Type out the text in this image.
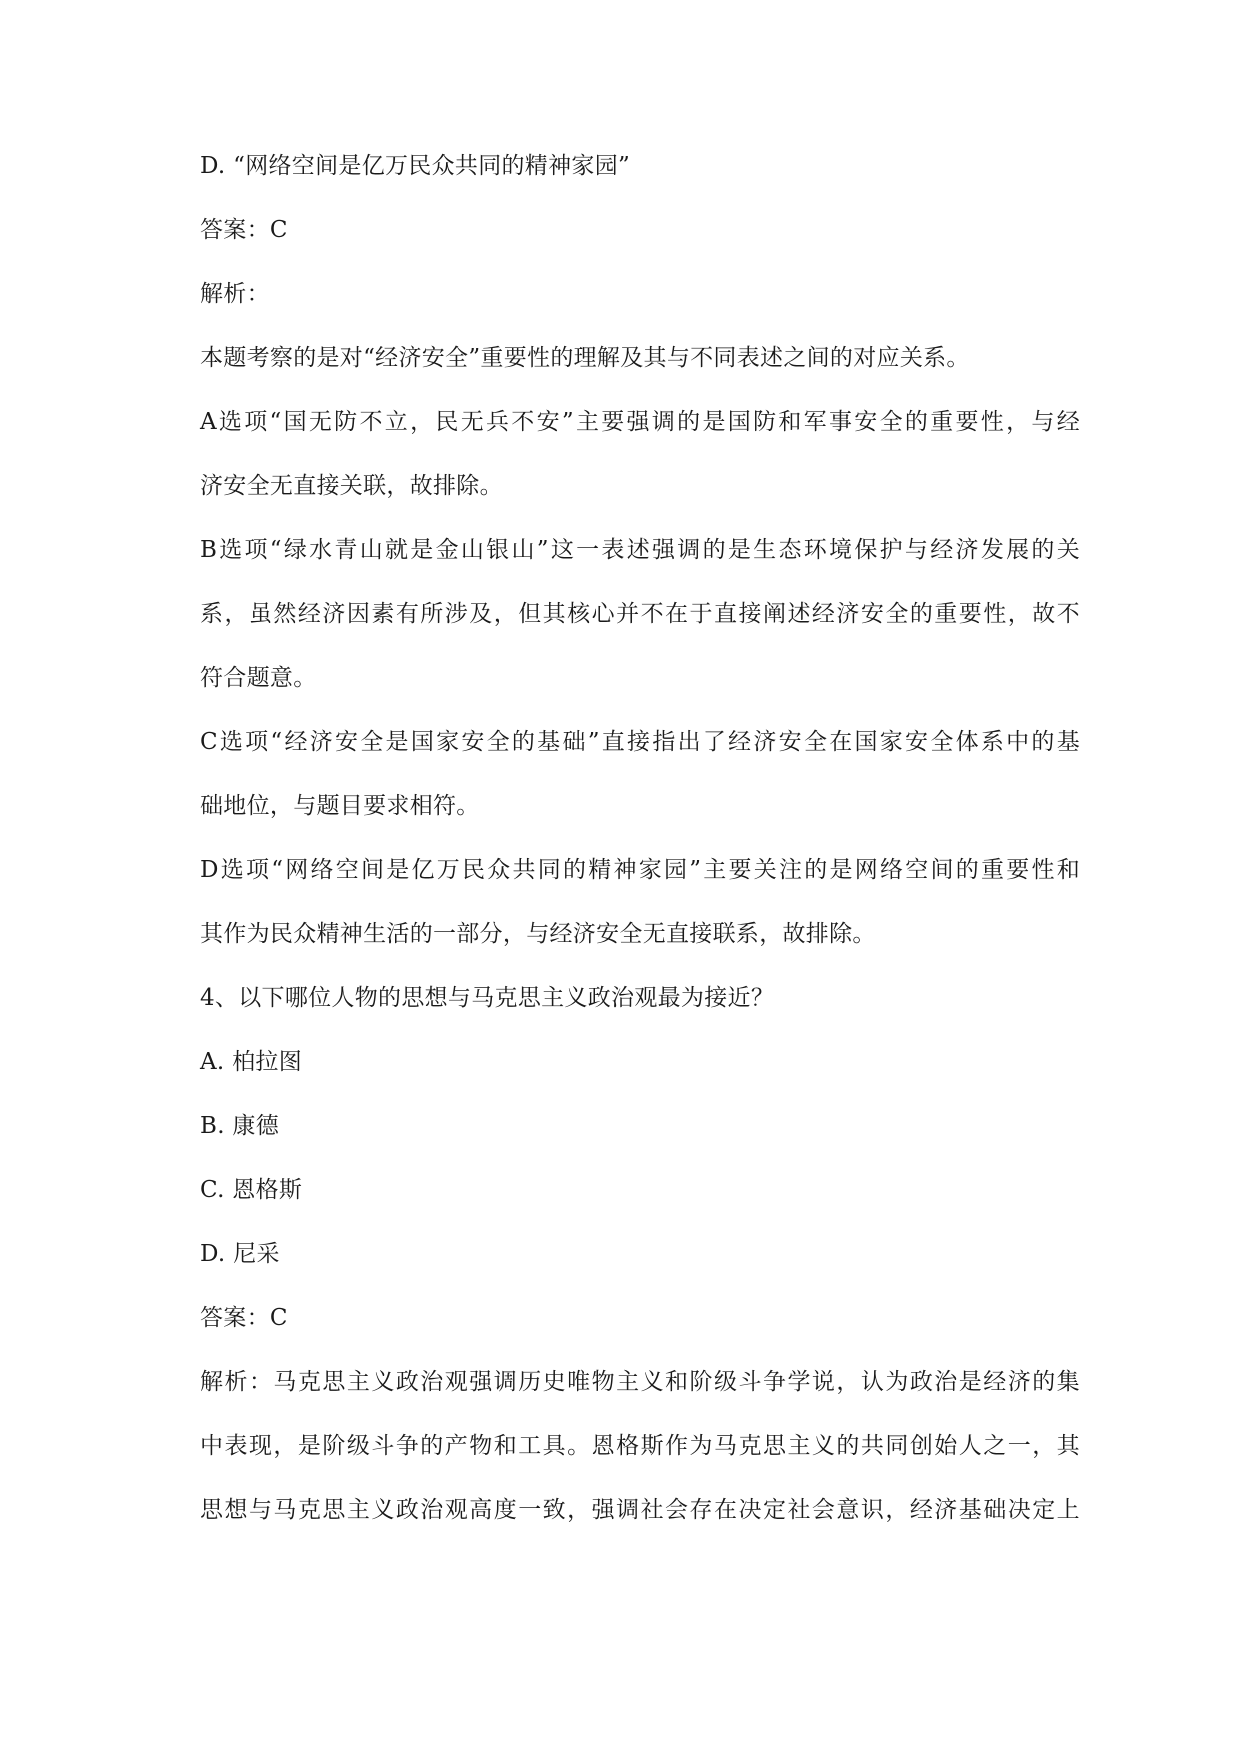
D. “网络空间是亿万民众共同的精神家园”
答案：C
解析：
本题考察的是对“经济安全”重要性的理解及其与不同表述之间的对应关系。
A选项“国无防不立，民无兵不安”主要强调的是国防和军事安全的重要性，与经
济安全无直接关联，故排除。
B选项“绿水青山就是金山银山”这一表述强调的是生态环境保护与经济发展的关
系，虽然经济因素有所涉及，但其核心并不在于直接阐述经济安全的重要性，故不
符合题意。
C选项“经济安全是国家安全的基础”直接指出了经济安全在国家安全体系中的基
础地位，与题目要求相符。
D选项“网络空间是亿万民众共同的精神家园”主要关注的是网络空间的重要性和
其作为民众精神生活的一部分，与经济安全无直接联系，故排除。
4、以下哪位人物的思想与马克思主义政治观最为接近？
A. 柏拉图
B. 康德
C. 恩格斯
D. 尼采
答案：C
解析：马克思主义政治观强调历史唯物主义和阶级斗争学说，认为政治是经济的集
中表现，是阶级斗争的产物和工具。恩格斯作为马克思主义的共同创始人之一，其
思想与马克思主义政治观高度一致，强调社会存在决定社会意识，经济基础决定上
